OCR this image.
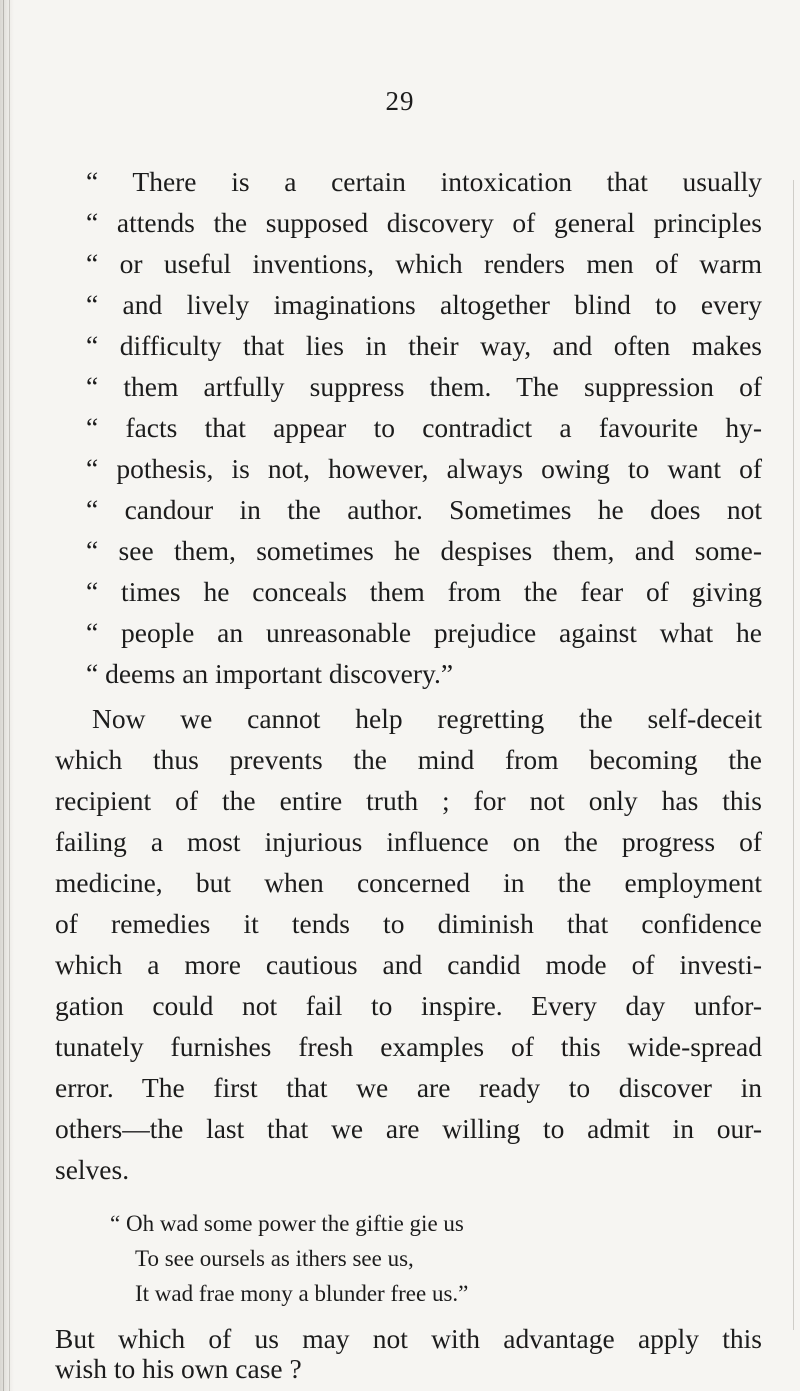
29
“ There is a certain intoxication that usually
“ attends the supposed discovery of general principles
“ or useful inventions, which renders men of warm
“ and lively imaginations altogether blind to every
“ difficulty that lies in their way, and often makes
“ them artfully suppress them. The suppression of
“ facts that appear to contradict a favourite hy-
“ pothesis, is not, however, always owing to want of
“ candour in the author. Sometimes he does not
“ see them, sometimes he despises them, and some-
“ times he conceals them from the fear of giving
“ people an unreasonable prejudice against what he
“ deems an important discovery.”
Now we cannot help regretting the self-deceit
which thus prevents the mind from becoming the
recipient of the entire truth ; for not only has this
failing a most injurious influence on the progress of
medicine, but when concerned in the employment
of remedies it tends to diminish that confidence
which a more cautious and candid mode of investi-
gation could not fail to inspire. Every day unfor-
tunately furnishes fresh examples of this wide-spread
error. The first that we are ready to discover in
others—the last that we are willing to admit in our-
selves.
“ Oh wad some power the giftie gie us
To see oursels as ithers see us,
It wad frae mony a blunder free us.”
But which of us may not with advantage apply this
wish to his own case ?
